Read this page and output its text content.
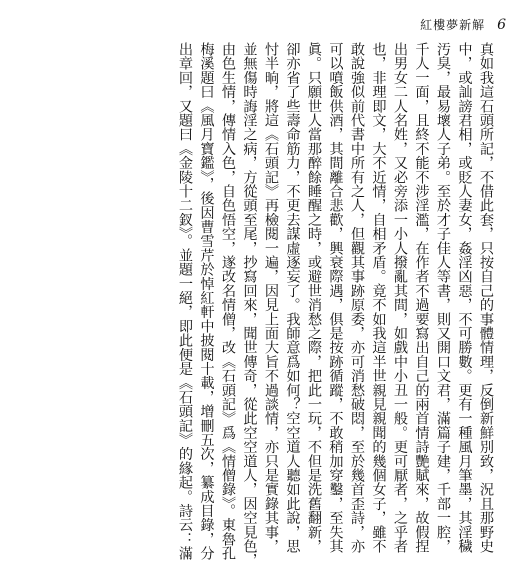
紅樓夢新解 6

真如我這石頭所記，不借此套，只按自己的事體情理，反倒新鮮別致，況且那野史

中，或訕謗君相，或貶人妻女，姦淫凶惡，不可勝數。更有一種風月筆墨，其淫穢

汚臭，最易壞人子弟。至於才子佳人等書，則又開口文君，滿篇子建，千部一腔，

千人一面，且終不能不涉淫濫，在作者不過要寫出自己的兩首情詩艷賦來，故假捏

出男女二人名姓，又必旁添一小人撥亂其間，如戲中小丑一般。更可厭者，之乎者

也，非理即文，大不近情，自相矛盾。竟不如我這半世親見親聞的幾個女子，雖不

敢說強似前代書中所有之人，但觀其事跡原委，亦可消愁破悶，至於幾首歪詩，亦

可以噴飯供酒，其間離合悲歡，興衰際遇，俱是按跡循蹤，不敢稍加穿鑿，至失其

眞。只願世人當那醉餘睡醒之時，或避世消愁之際，把此一玩，不但是洗舊翻新，

卻亦省了些壽命筋力，不更去謀虛逐妄了。我師意爲如何？空空道人聽如此說，思

忖半晌，將這《石頭記》再檢閱一遍，因見上面大旨不過談情，亦只是實錄其事，

並無傷時誨淫之病，方從頭至尾，抄寫回來，聞世傳奇，從此空空道人，因空見色，

由色生情，傳情入色，自色悟空，遂改名情僧，改《石頭記》爲《情僧錄》。東魯孔

梅溪題曰《風月寶鑑》，後因曹雪芹於悼紅軒中披閱十載，增刪五次，纂成目錄，分

出章回，又題曰《金陵十二釵》。並題一絕，即此便是《石頭記》的緣起。詩云：滿
